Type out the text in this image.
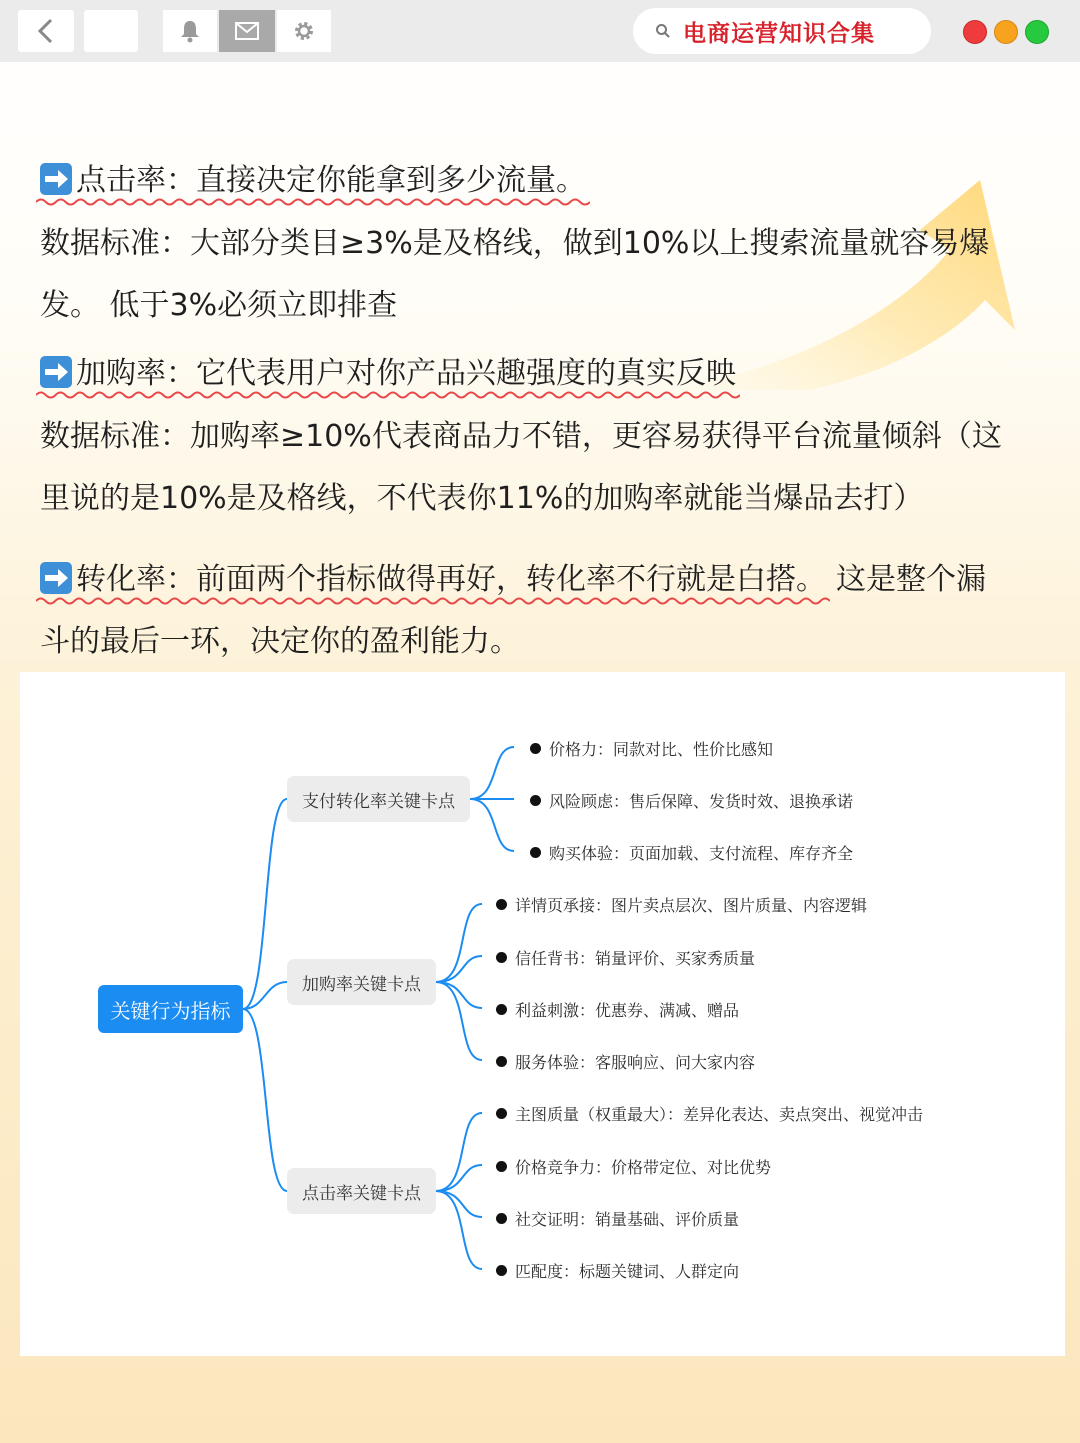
电商运营知识合集
点击率：直接决定你能拿到多少流量。
数据标准：大部分类目≥3%是及格线，做到10%以上搜索流量就容易爆
发。 低于3%必须立即排查
加购率：它代表用户对你产品兴趣强度的真实反映
数据标准：加购率≥10%代表商品力不错，更容易获得平台流量倾斜（这
里说的是10%是及格线，不代表你11%的加购率就能当爆品去打）
转化率：前面两个指标做得再好，转化率不行就是白搭。 这是整个漏
斗的最后一环，决定你的盈利能力。
关键行为指标
支付转化率关键卡点
加购率关键卡点
点击率关键卡点
价格力：同款对比、性价比感知
风险顾虑：售后保障、发货时效、退换承诺
购买体验：页面加载、支付流程、库存齐全
详情页承接：图片卖点层次、图片质量、内容逻辑
信任背书：销量评价、买家秀质量
利益刺激：优惠券、满减、赠品
服务体验：客服响应、问大家内容
主图质量（权重最大）：差异化表达、卖点突出、视觉冲击
价格竞争力：价格带定位、对比优势
社交证明：销量基础、评价质量
匹配度：标题关键词、人群定向
